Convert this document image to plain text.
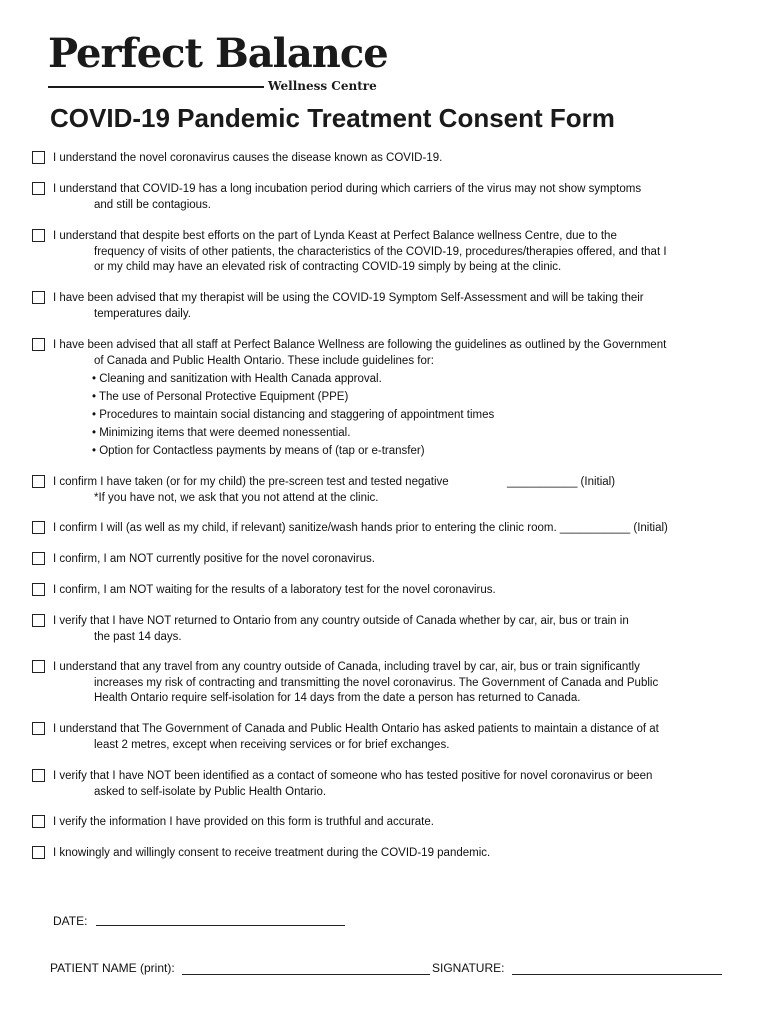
Perfect Balance
Wellness Centre
COVID-19 Pandemic Treatment Consent Form
I understand the novel coronavirus causes the disease known as COVID-19.
I understand that COVID-19 has a long incubation period during which carriers of the virus may not show symptoms
and still be contagious.
I understand that despite best efforts on the part of Lynda Keast at Perfect Balance wellness Centre, due to the
frequency of visits of other patients, the characteristics of the COVID-19, procedures/therapies offered, and that I
or my child may have an elevated risk of contracting COVID-19 simply by being at the clinic.
I have been advised that my therapist will be using the COVID-19 Symptom Self-Assessment and will be taking their
temperatures daily.
I have been advised that all staff at Perfect Balance Wellness are following the guidelines as outlined by the Government
of Canada and Public Health Ontario. These include guidelines for:
• Cleaning and sanitization with Health Canada approval.
• The use of Personal Protective Equipment (PPE)
• Procedures to maintain social distancing and staggering of appointment times
• Minimizing items that were deemed nonessential.
• Option for Contactless payments by means of (tap or e-transfer)
I confirm I have taken (or for my child) the pre-screen test and tested negative
*If you have not, we ask that you not attend at the clinic.
___________ (Initial)
I confirm I will (as well as my child, if relevant) sanitize/wash hands prior to entering the clinic room. ___________ (Initial)
I confirm, I am NOT currently positive for the novel coronavirus.
I confirm, I am NOT waiting for the results of a laboratory test for the novel coronavirus.
I verify that I have NOT returned to Ontario from any country outside of Canada whether by car, air, bus or train in
the past 14 days.
I understand that any travel from any country outside of Canada, including travel by car, air, bus or train significantly
increases my risk of contracting and transmitting the novel coronavirus. The Government of Canada and Public
Health Ontario require self-isolation for 14 days from the date a person has returned to Canada.
I understand that The Government of Canada and Public Health Ontario has asked patients to maintain a distance of at
least 2 metres, except when receiving services or for brief exchanges.
I verify that I have NOT been identified as a contact of someone who has tested positive for novel coronavirus or been
asked to self-isolate by Public Health Ontario.
I verify the information I have provided on this form is truthful and accurate.
I knowingly and willingly consent to receive treatment during the COVID-19 pandemic.
DATE:
PATIENT NAME (print):	SIGNATURE:
